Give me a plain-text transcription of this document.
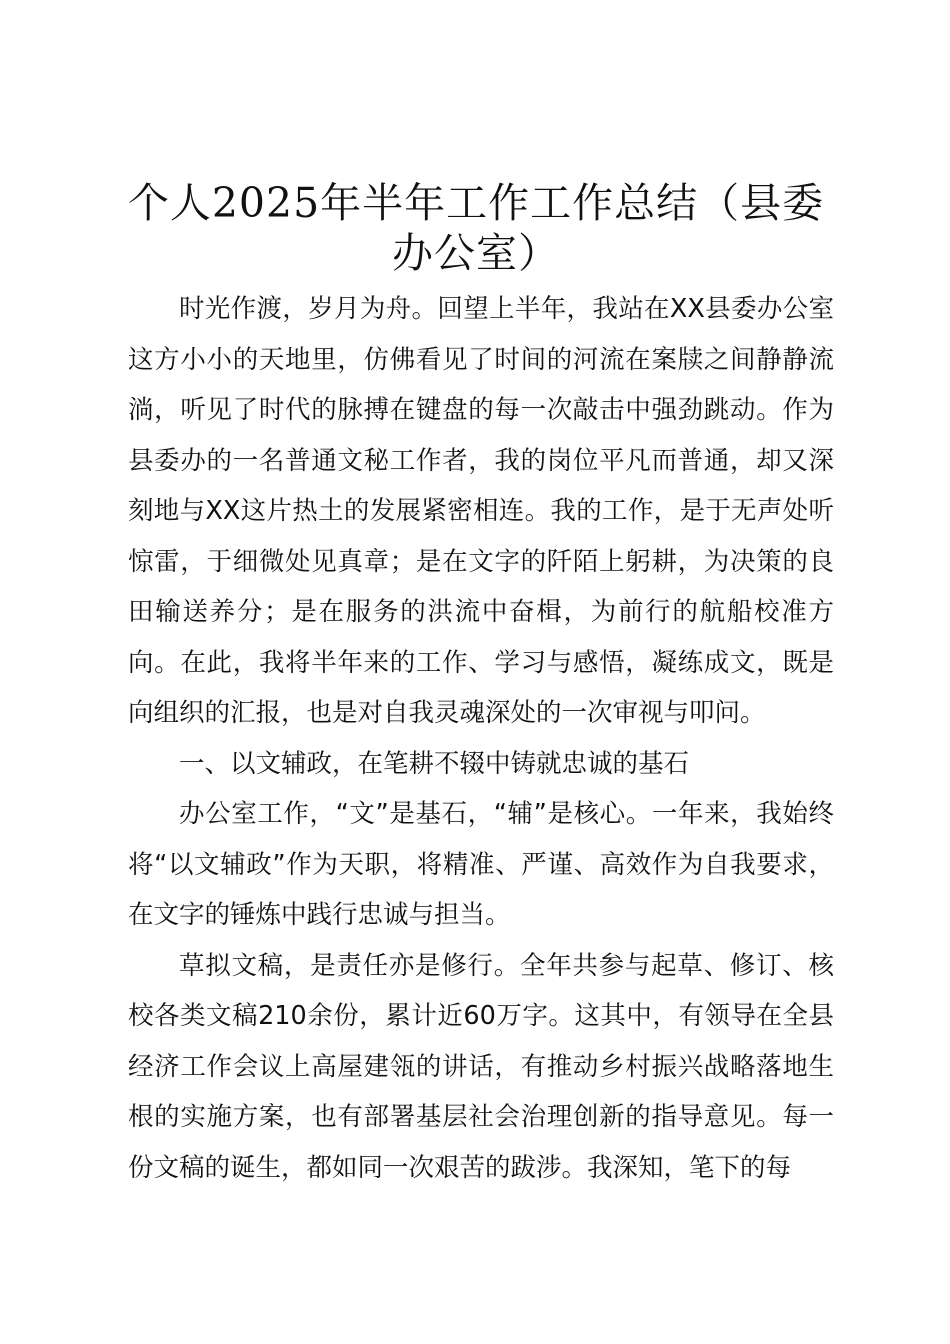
个人2025年半年工作工作总结（县委办公室）

时光作渡，岁月为舟。回望上半年，我站在XX县委办公室这方小小的天地里，仿佛看见了时间的河流在案牍之间静静流淌，听见了时代的脉搏在键盘的每一次敲击中强劲跳动。作为县委办的一名普通文秘工作者，我的岗位平凡而普通，却又深刻地与XX这片热土的发展紧密相连。我的工作，是于无声处听惊雷，于细微处见真章；是在文字的阡陌上躬耕，为决策的良田输送养分；是在服务的洪流中奋楫，为前行的航船校准方向。在此，我将半年来的工作、学习与感悟，凝练成文，既是向组织的汇报，也是对自我灵魂深处的一次审视与叩问。

一、以文辅政，在笔耕不辍中铸就忠诚的基石

办公室工作，“文”是基石，“辅”是核心。一年来，我始终将“以文辅政”作为天职，将精准、严谨、高效作为自我要求，在文字的锤炼中践行忠诚与担当。

草拟文稿，是责任亦是修行。全年共参与起草、修订、核校各类文稿210余份，累计近60万字。这其中，有领导在全县经济工作会议上高屋建瓴的讲话，有推动乡村振兴战略落地生根的实施方案，也有部署基层社会治理创新的指导意见。每一份文稿的诞生，都如同一次艰苦的跋涉。我深知，笔下的每
